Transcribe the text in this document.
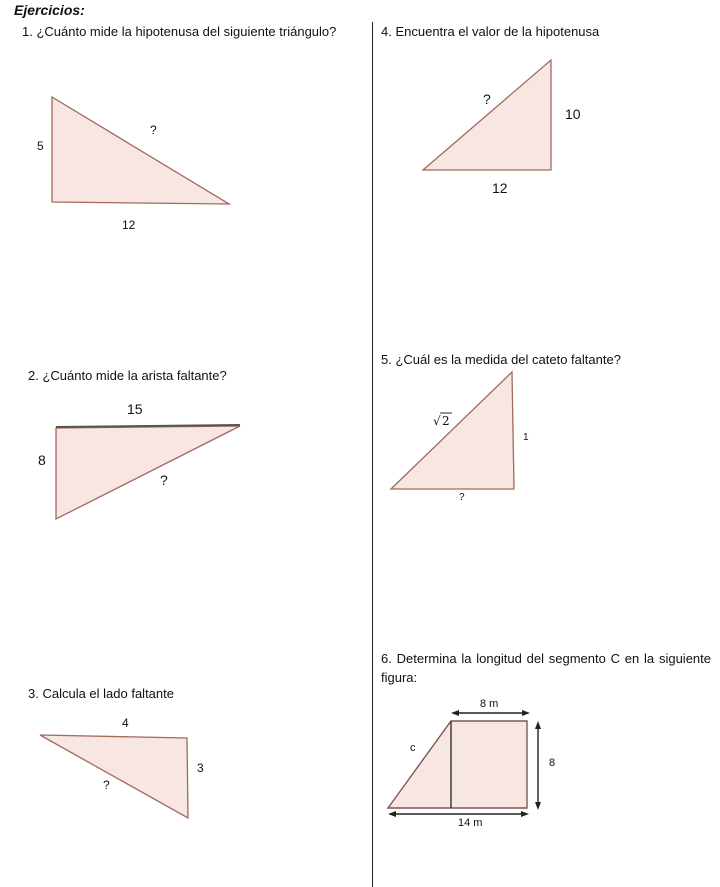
Ejercicios:
1. ¿Cuánto mide la hipotenusa del siguiente triángulo?
5
?
12
2. ¿Cuánto mide la arista faltante?
15
8
?
3. Calcula el lado faltante
4
3
?
4. Encuentra el valor de la hipotenusa
?
10
12
5. ¿Cuál es la medida del cateto faltante?
√ 2
1
?
6. Determina la longitud del segmento C en la siguiente figura:
8 m
8
14 m
c
